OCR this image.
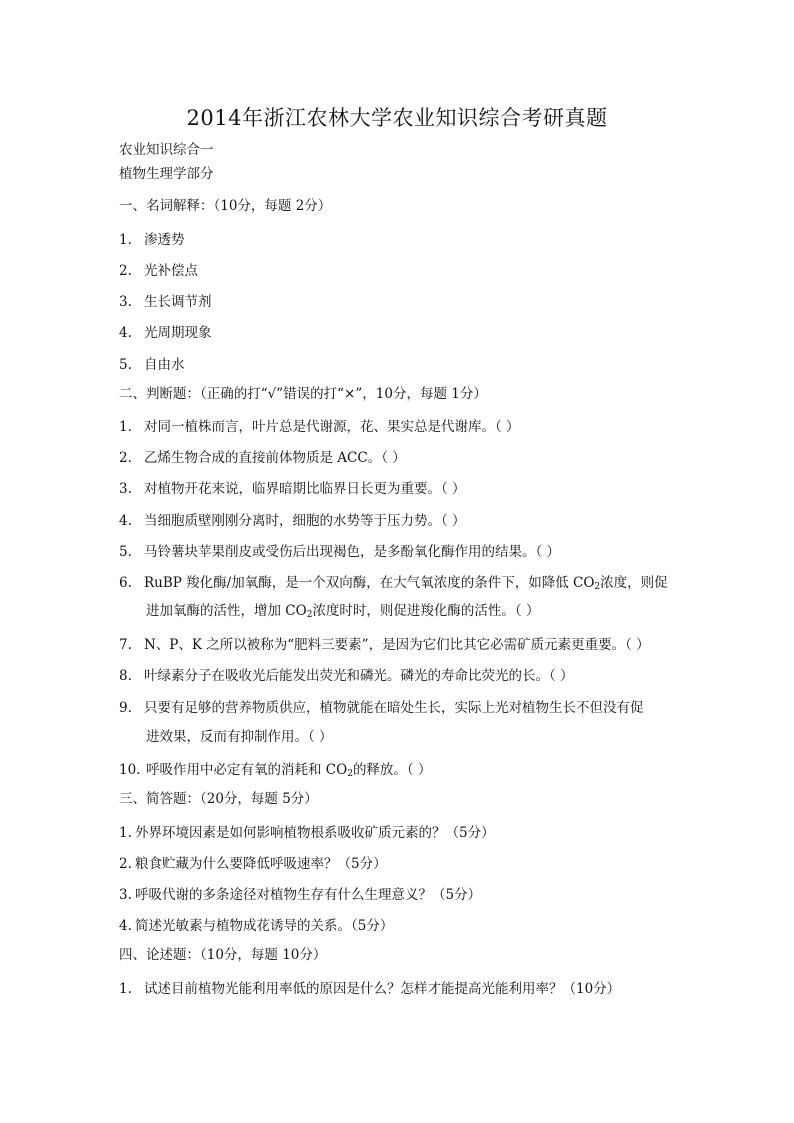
2014年浙江农林大学农业知识综合考研真题
农业知识综合一
植物生理学部分
一、名词解释：（10分，每题 2分）
1. 渗透势
2. 光补偿点
3. 生长调节剂
4. 光周期现象
5. 自由水
二、判断题：（正确的打“√”错误的打“×”，10分，每题 1分）
1. 对同一植株而言，叶片总是代谢源，花、果实总是代谢库。（ ）
2. 乙烯生物合成的直接前体物质是 ACC。（ ）
3. 对植物开花来说，临界暗期比临界日长更为重要。（ ）
4. 当细胞质壁刚刚分离时，细胞的水势等于压力势。（ ）
5. 马铃薯块苹果削皮或受伤后出现褐色，是多酚氧化酶作用的结果。（ ）
6. RuBP 羧化酶/加氧酶，是一个双向酶，在大气氧浓度的条件下，如降低 $CO_2$浓度，则促
进加氧酶的活性，增加 $CO_2$浓度时时，则促进羧化酶的活性。（ ）
7. N、P、K 之所以被称为“肥料三要素”，是因为它们比其它必需矿质元素更重要。（ ）
8. 叶绿素分子在吸收光后能发出荧光和磷光。磷光的寿命比荧光的长。（ ）
9. 只要有足够的营养物质供应，植物就能在暗处生长，实际上光对植物生长不但没有促
进效果，反而有抑制作用。（ ）
10. 呼吸作用中必定有氧的消耗和 $CO_2$的释放。（ ）
三、简答题：（20分，每题 5分）
1. 外界环境因素是如何影响植物根系吸收矿质元素的？（5分）
2. 粮食贮藏为什么要降低呼吸速率？（5分）
3. 呼吸代谢的多条途径对植物生存有什么生理意义？（5分）
4. 简述光敏素与植物成花诱导的关系。（5分）
四、论述题：（10分，每题 10分）
1. 试述目前植物光能利用率低的原因是什么？怎样才能提高光能利用率？（10分）
